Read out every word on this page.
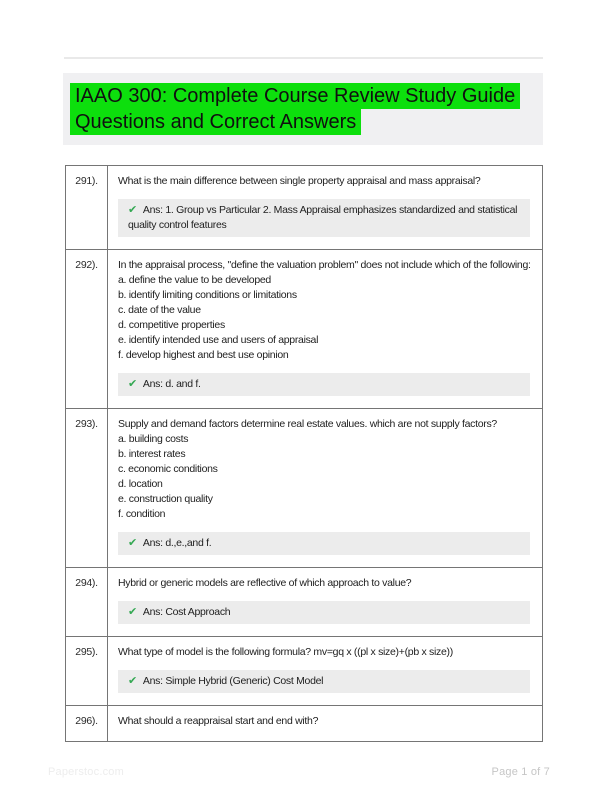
IAAO 300: Complete Course Review Study Guide Questions and Correct Answers
291).	What is the main difference between single property appraisal and mass appraisal?
✔ Ans: 1. Group vs Particular 2. Mass Appraisal emphasizes standardized and statistical quality control features

292).	In the appraisal process, "define the valuation problem" does not include which of the following:
a. define the value to be developed
b. identify limiting conditions or limitations
c. date of the value
d. competitive properties
e. identify intended use and users of appraisal
f. develop highest and best use opinion
✔ Ans: d. and f.

293).	Supply and demand factors determine real estate values. which are not supply factors?
a. building costs
b. interest rates
c. economic conditions
d. location
e. construction quality
f. condition
✔ Ans: d.,e.,and f.

294).	Hybrid or generic models are reflective of which approach to value?
✔ Ans: Cost Approach

295).	What type of model is the following formula? mv=gq x ((pl x size)+(pb x size))
✔ Ans: Simple Hybrid (Generic) Cost Model

296).	What should a reappraisal start and end with?
Paperstoc.com	Page 1 of 7
